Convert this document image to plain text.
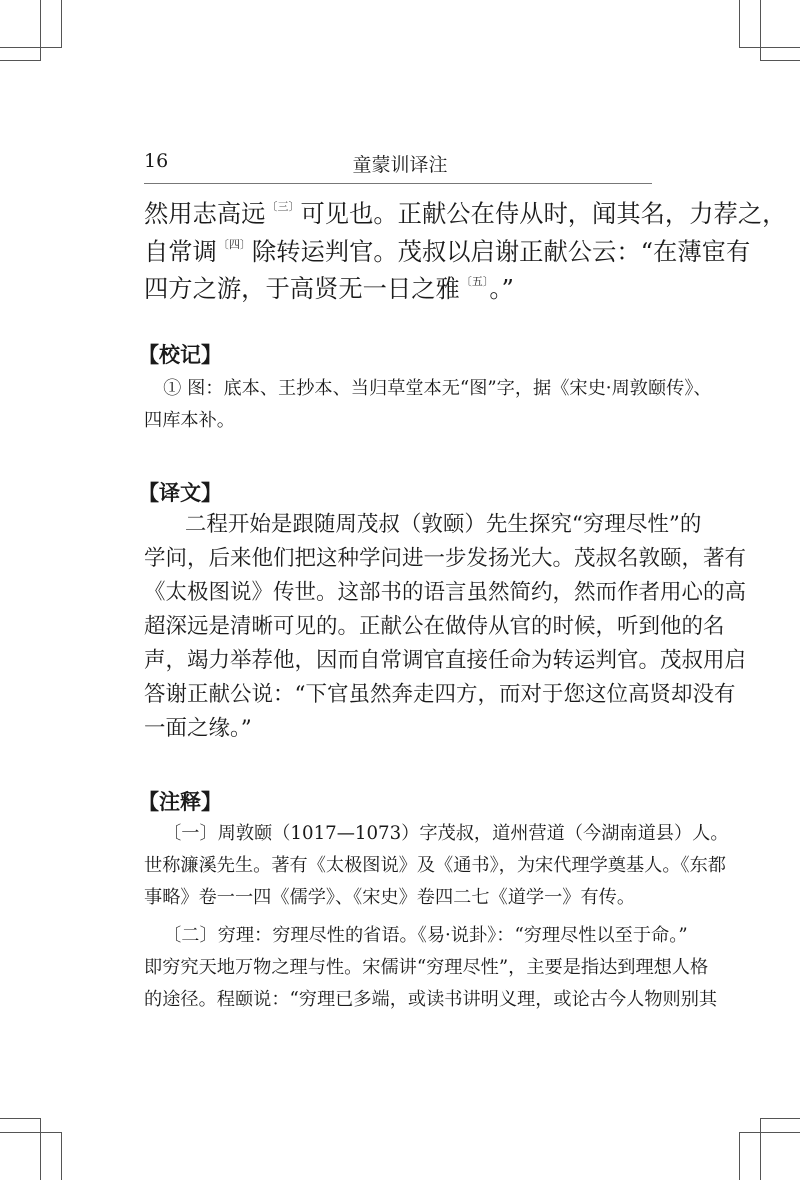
16	童蒙训译注
然用志高远$^{〔三〕}$可见也。正献公在侍从时，闻其名，力荐之，
自常调$^{〔四〕}$除转运判官。茂叔以启谢正献公云：“在薄宦有
四方之游，于高贤无一日之雅$^{〔五〕}$。”
【校记】
① 图：底本、王抄本、当归草堂本无“图”字，据《宋史·周敦颐传》、
四库本补。
【译文】
二程开始是跟随周茂叔（敦颐）先生探究“穷理尽性”的
学问，后来他们把这种学问进一步发扬光大。茂叔名敦颐，著有
《太极图说》传世。这部书的语言虽然简约，然而作者用心的高
超深远是清晰可见的。正献公在做侍从官的时候，听到他的名
声，竭力举荐他，因而自常调官直接任命为转运判官。茂叔用启
答谢正献公说：“下官虽然奔走四方，而对于您这位高贤却没有
一面之缘。”
【注释】
〔一〕周敦颐（1017—1073）字茂叔，道州营道（今湖南道县）人。
世称濂溪先生。著有《太极图说》及《通书》，为宋代理学奠基人。《东都
事略》卷一一四《儒学》、《宋史》卷四二七《道学一》有传。
〔二〕穷理：穷理尽性的省语。《易·说卦》：“穷理尽性以至于命。”
即穷究天地万物之理与性。宋儒讲“穷理尽性”，主要是指达到理想人格
的途径。程颐说：“穷理已多端，或读书讲明义理，或论古今人物则别其
